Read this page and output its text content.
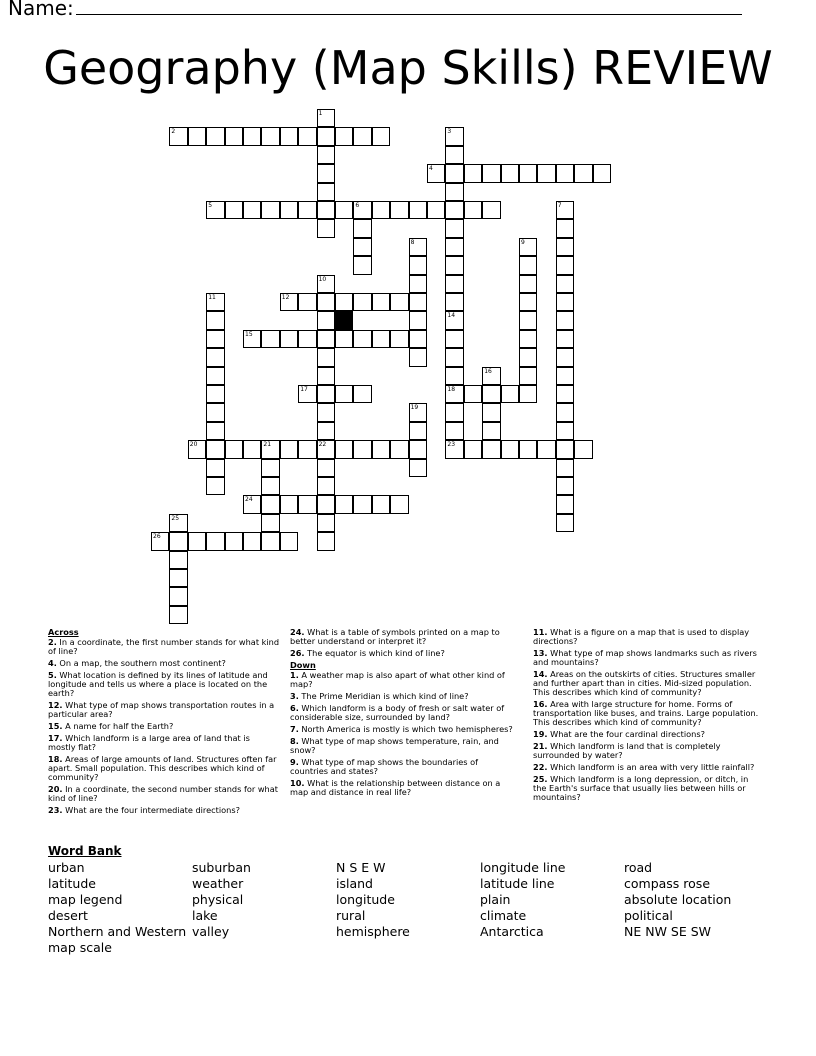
Name:
Geography (Map Skills) REVIEW
2
4
5	6
12
15
17	18
20	21	22	23
24
26
1
3
7
8	9
10
11
14
16
19
25
13
Across
2. In a coordinate, the first number stands for what kind of line?
4. On a map, the southern most continent?
5. What location is defined by its lines of latitude and longitude and tells us where a place is located on the earth?
12. What type of map shows transportation routes in a particular area?
15. A name for half the Earth?
17. Which landform is a large area of land that is mostly flat?
18. Areas of large amounts of land. Structures often far apart. Small population. This describes which kind of community?
20. In a coordinate, the second number stands for what kind of line?
23. What are the four intermediate directions?
24. What is a table of symbols printed on a map to better understand or interpret it?
26. The equator is which kind of line?
Down
1. A weather map is also apart of what other kind of map?
3. The Prime Meridian is which kind of line?
6. Which landform is a body of fresh or salt water of considerable size, surrounded by land?
7. North America is mostly is which two hemispheres?
8. What type of map shows temperature, rain, and snow?
9. What type of map shows the boundaries of countries and states?
10. What is the relationship between distance on a map and distance in real life?
11. What is a figure on a map that is used to display directions?
13. What type of map shows landmarks such as rivers and mountains?
14. Areas on the outskirts of cities. Structures smaller and further apart than in cities. Mid-sized population. This describes which kind of community?
16. Area with large structure for home. Forms of transportation like buses, and trains. Large population. This describes which kind of community?
19. What are the four cardinal directions?
21. Which landform is land that is completely surrounded by water?
22. Which landform is an area with very little rainfall?
25. Which landform is a long depression, or ditch, in the Earth's surface that usually lies between hills or mountains?
Word Bank
urban
latitude
map legend
desert
Northern and Western
map scale
suburban
weather
physical
lake
valley
N S E W
island
longitude
rural
hemisphere
longitude line
latitude line
plain
climate
Antarctica
road
compass rose
absolute location
political
NE NW SE SW
